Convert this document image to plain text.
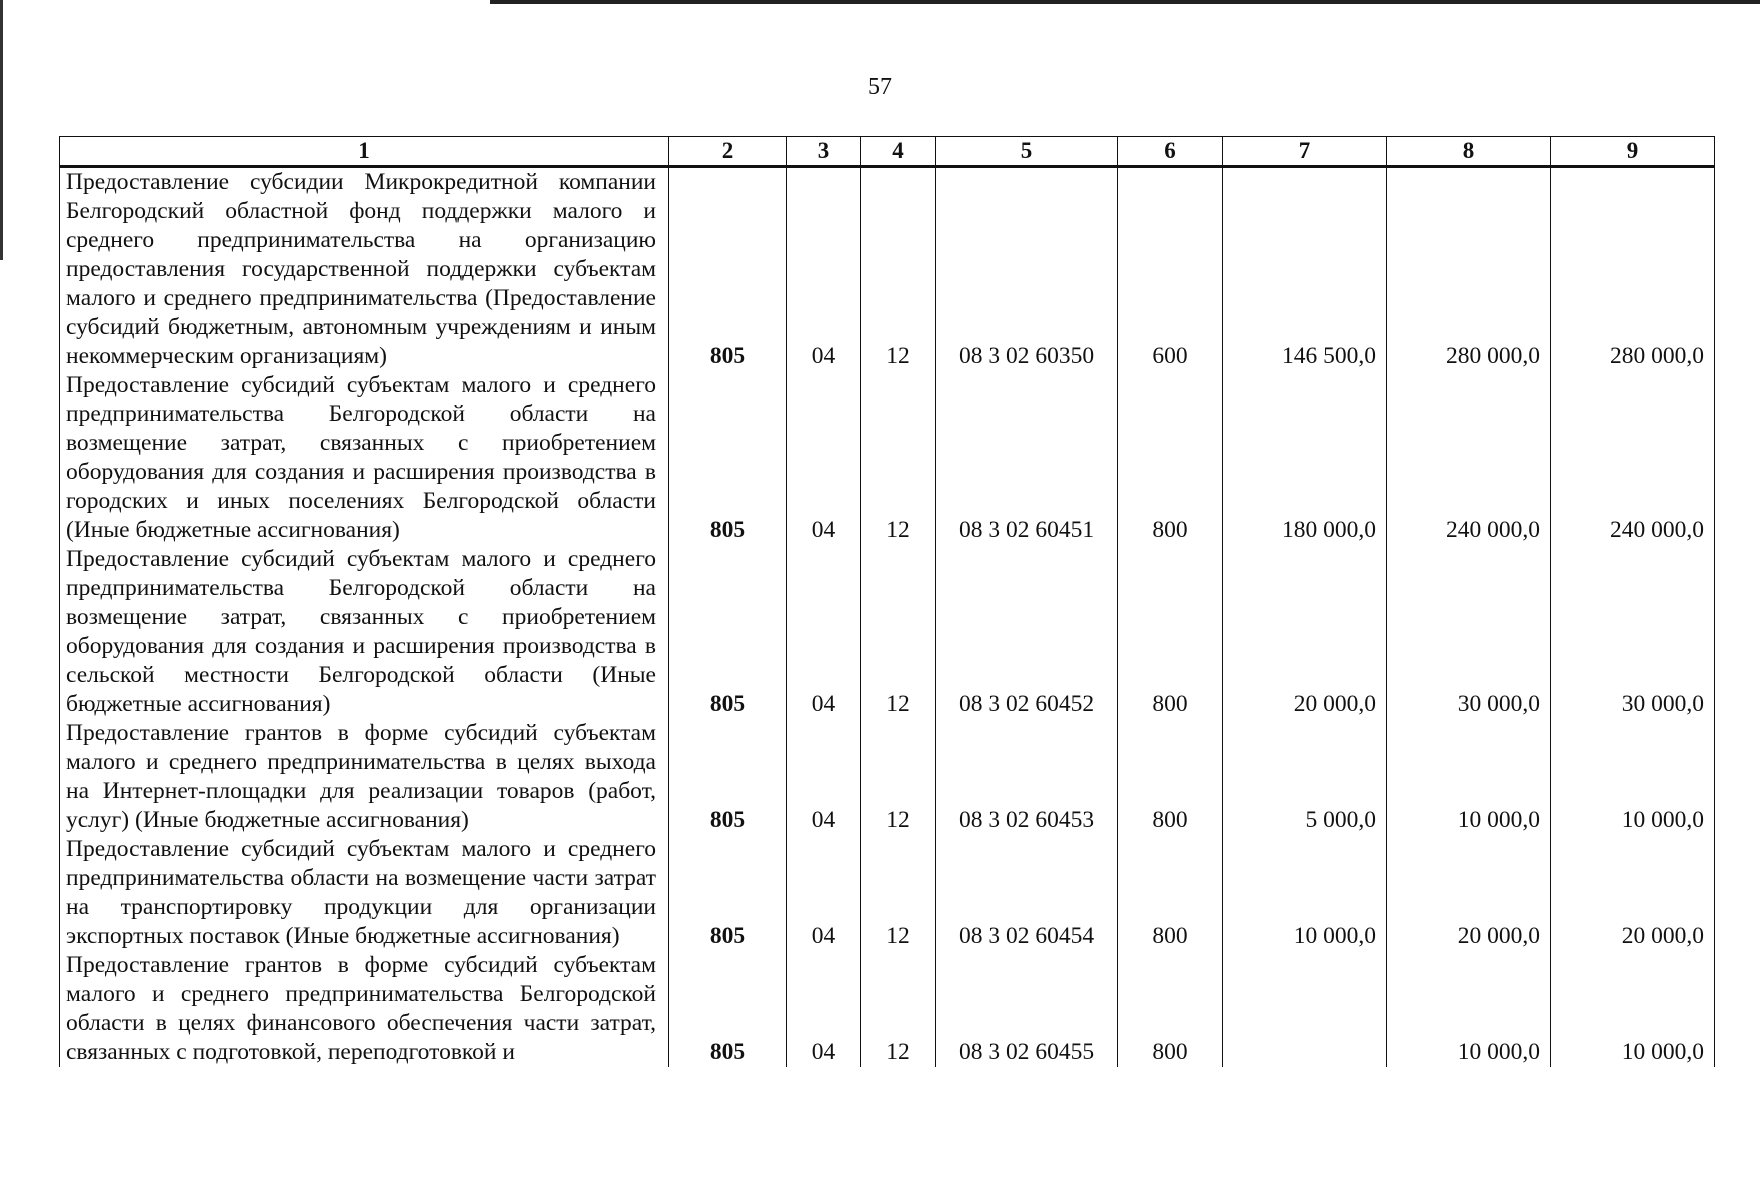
57
1	2	3	4	5	6	7	8	9
Предоставление субсидии Микрокредитной компании Белгородский областной фонд поддержки малого и среднего предпринимательства на организацию предоставления государственной поддержки субъектам малого и среднего предпринимательства (Предоставление субсидий бюджетным, автономным учреждениям и иным некоммерческим организациям)	805	04	12	08 3 02 60350	600	146 500,0	280 000,0	280 000,0
Предоставление субсидий субъектам малого и среднего предпринимательства Белгородской области на возмещение затрат, связанных с приобретением оборудования для создания и расширения производства в городских и иных поселениях Белгородской области (Иные бюджетные ассигнования)	805	04	12	08 3 02 60451	800	180 000,0	240 000,0	240 000,0
Предоставление субсидий субъектам малого и среднего предпринимательства Белгородской области на возмещение затрат, связанных с приобретением оборудования для создания и расширения производства в сельской местности Белгородской области (Иные бюджетные ассигнования)	805	04	12	08 3 02 60452	800	20 000,0	30 000,0	30 000,0
Предоставление грантов в форме субсидий субъектам малого и среднего предпринимательства в целях выхода на Интернет-площадки для реализации товаров (работ, услуг) (Иные бюджетные ассигнования)	805	04	12	08 3 02 60453	800	5 000,0	10 000,0	10 000,0
Предоставление субсидий субъектам малого и среднего предпринимательства области на возмещение части затрат на транспортировку продукции для организации экспортных поставок (Иные бюджетные ассигнования)	805	04	12	08 3 02 60454	800	10 000,0	20 000,0	20 000,0
Предоставление грантов в форме субсидий субъектам малого и среднего предпринимательства Белгородской области в целях финансового обеспечения части затрат, связанных с подготовкой, переподготовкой и	805	04	12	08 3 02 60455	800		10 000,0	10 000,0
